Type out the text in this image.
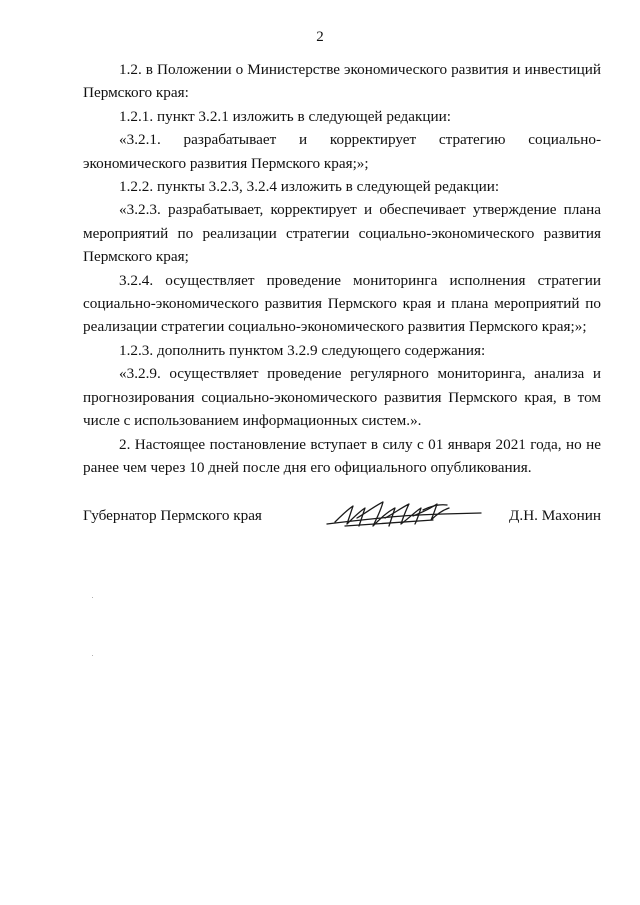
2

1.2. в Положении о Министерстве экономического развития и инвестиций Пермского края:

1.2.1. пункт 3.2.1 изложить в следующей редакции:

«3.2.1. разрабатывает и корректирует стратегию социально-экономического развития Пермского края;»;

1.2.2. пункты 3.2.3, 3.2.4 изложить в следующей редакции:

«3.2.3. разрабатывает, корректирует и обеспечивает утверждение плана мероприятий по реализации стратегии социально-экономического развития Пермского края;

3.2.4. осуществляет проведение мониторинга исполнения стратегии социально-экономического развития Пермского края и плана мероприятий по реализации стратегии социально-экономического развития Пермского края;»;

1.2.3. дополнить пунктом 3.2.9 следующего содержания:

«3.2.9. осуществляет проведение регулярного мониторинга, анализа и прогнозирования социально-экономического развития Пермского края, в том числе с использованием информационных систем.».

2. Настоящее постановление вступает в силу с 01 января 2021 года, но не ранее чем через 10 дней после дня его официального опубликования.

Губернатор Пермского края	Д.Н. Махонин
